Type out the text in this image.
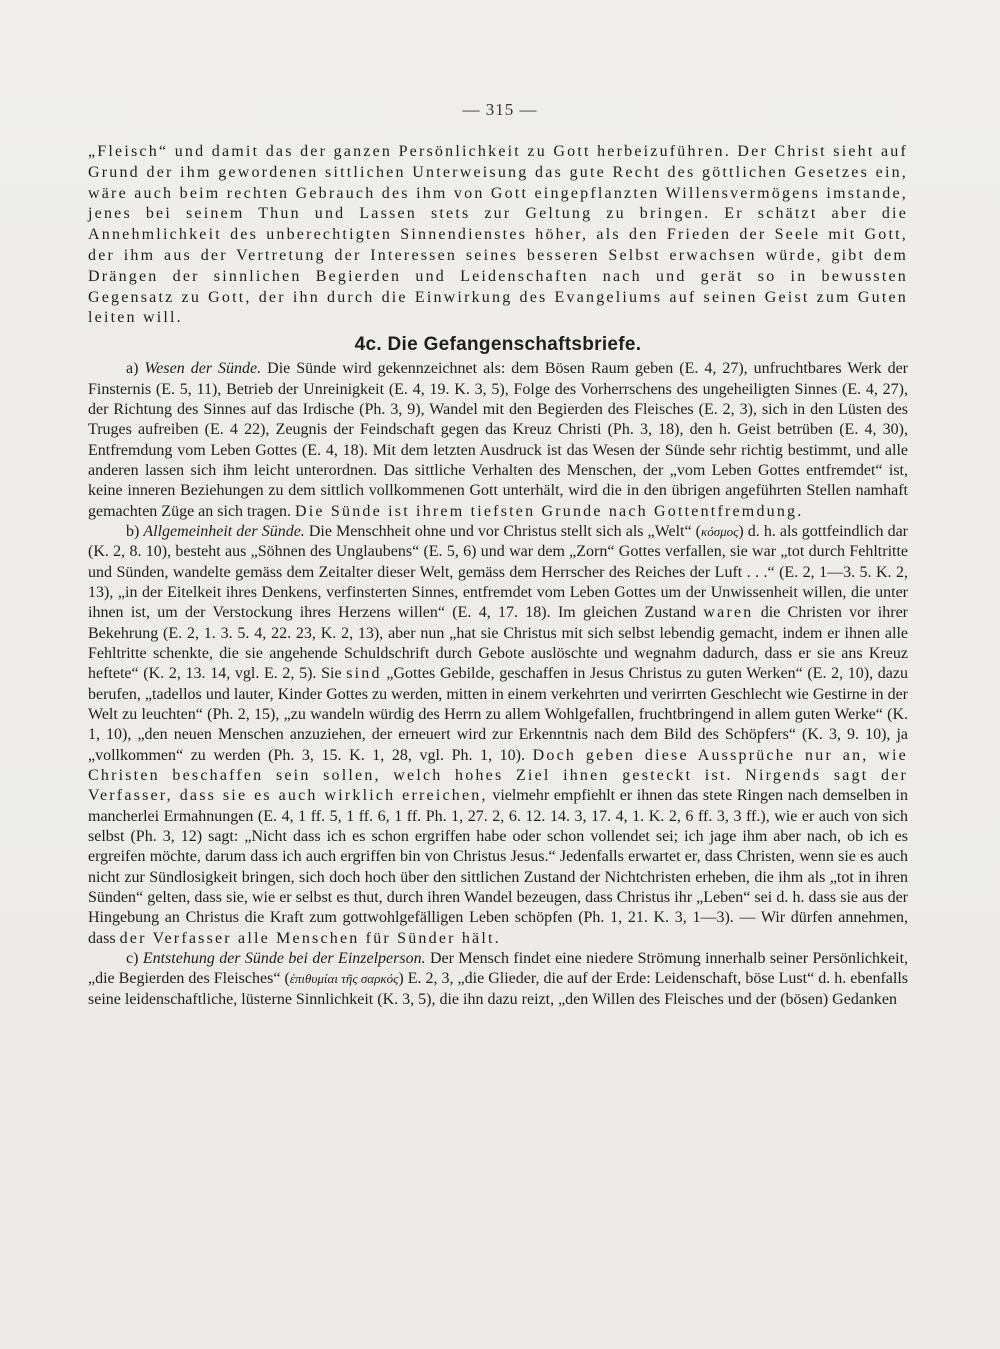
— 315 —

„Fleisch“ und damit das der ganzen Persönlichkeit zu Gott herbeizuführen. Der Christ sieht auf Grund der ihm gewordenen sittlichen Unterweisung das gute Recht des göttlichen Gesetzes ein, wäre auch beim rechten Gebrauch des ihm von Gott eingepflanzten Willensvermögens imstande, jenes bei seinem Thun und Lassen stets zur Geltung zu bringen. Er schätzt aber die Annehmlichkeit des unberechtigten Sinnendienstes höher, als den Frieden der Seele mit Gott, der ihm aus der Vertretung der Interessen seines besseren Selbst erwachsen würde, gibt dem Drängen der sinnlichen Begierden und Leidenschaften nach und gerät so in bewussten Gegensatz zu Gott, der ihn durch die Einwirkung des Evangeliums auf seinen Geist zum Guten leiten will.

4c. Die Gefangenschaftsbriefe.

a) Wesen der Sünde. Die Sünde wird gekennzeichnet als: dem Bösen Raum geben (E. 4, 27), unfruchtbares Werk der Finsternis (E. 5, 11), Betrieb der Unreinigkeit (E. 4, 19. K. 3, 5), Folge des Vorherrschens des ungeheiligten Sinnes (E. 4, 27), der Richtung des Sinnes auf das Irdische (Ph. 3, 9), Wandel mit den Begierden des Fleisches (E. 2, 3), sich in den Lüsten des Truges aufreiben (E. 4 22), Zeugnis der Feindschaft gegen das Kreuz Christi (Ph. 3, 18), den h. Geist betrüben (E. 4, 30), Entfremdung vom Leben Gottes (E. 4, 18). Mit dem letzten Ausdruck ist das Wesen der Sünde sehr richtig bestimmt, und alle anderen lassen sich ihm leicht unterordnen. Das sittliche Verhalten des Menschen, der „vom Leben Gottes entfremdet“ ist, keine inneren Beziehungen zu dem sittlich vollkommenen Gott unterhält, wird die in den übrigen angeführten Stellen namhaft gemachten Züge an sich tragen. Die Sünde ist ihrem tiefsten Grunde nach Gottentfremdung.

b) Allgemeinheit der Sünde. Die Menschheit ohne und vor Christus stellt sich als „Welt“ (κόσμος) d. h. als gottfeindlich dar (K. 2, 8. 10), besteht aus „Söhnen des Unglaubens“ (E. 5, 6) und war dem „Zorn“ Gottes verfallen, sie war „tot durch Fehltritte und Sünden, wandelte gemäss dem Zeitalter dieser Welt, gemäss dem Herrscher des Reiches der Luft . . .“ (E. 2, 1—3. 5. K. 2, 13), „in der Eitelkeit ihres Denkens, verfinsterten Sinnes, entfremdet vom Leben Gottes um der Unwissenheit willen, die unter ihnen ist, um der Verstockung ihres Herzens willen“ (E. 4, 17. 18). Im gleichen Zustand waren die Christen vor ihrer Bekehrung (E. 2, 1. 3. 5. 4, 22. 23, K. 2, 13), aber nun „hat sie Christus mit sich selbst lebendig gemacht, indem er ihnen alle Fehltritte schenkte, die sie angehende Schuldschrift durch Gebote auslöschte und wegnahm dadurch, dass er sie ans Kreuz heftete“ (K. 2, 13. 14, vgl. E. 2, 5). Sie sind „Gottes Gebilde, geschaffen in Jesus Christus zu guten Werken“ (E. 2, 10), dazu berufen, „tadellos und lauter, Kinder Gottes zu werden, mitten in einem verkehrten und verirrten Geschlecht wie Gestirne in der Welt zu leuchten“ (Ph. 2, 15), „zu wandeln würdig des Herrn zu allem Wohlgefallen, fruchtbringend in allem guten Werke“ (K. 1, 10), „den neuen Menschen anzuziehen, der erneuert wird zur Erkenntnis nach dem Bild des Schöpfers“ (K. 3, 9. 10), ja „vollkommen“ zu werden (Ph. 3, 15. K. 1, 28, vgl. Ph. 1, 10). Doch geben diese Aussprüche nur an, wie Christen beschaffen sein sollen, welch hohes Ziel ihnen gesteckt ist. Nirgends sagt der Verfasser, dass sie es auch wirklich erreichen, vielmehr empfiehlt er ihnen das stete Ringen nach demselben in mancherlei Ermahnungen (E. 4, 1 ff. 5, 1 ff. 6, 1 ff. Ph. 1, 27. 2, 6. 12. 14. 3, 17. 4, 1. K. 2, 6 ff. 3, 3 ff.), wie er auch von sich selbst (Ph. 3, 12) sagt: „Nicht dass ich es schon ergriffen habe oder schon vollendet sei; ich jage ihm aber nach, ob ich es ergreifen möchte, darum dass ich auch ergriffen bin von Christus Jesus.“ Jedenfalls erwartet er, dass Christen, wenn sie es auch nicht zur Sündlosigkeit bringen, sich doch hoch über den sittlichen Zustand der Nichtchristen erheben, die ihm als „tot in ihren Sünden“ gelten, dass sie, wie er selbst es thut, durch ihren Wandel bezeugen, dass Christus ihr „Leben“ sei d. h. dass sie aus der Hingebung an Christus die Kraft zum gottwohlgefälligen Leben schöpfen (Ph. 1, 21. K. 3, 1—3). — Wir dürfen annehmen, dass der Verfasser alle Menschen für Sünder hält.

c) Entstehung der Sünde bei der Einzelperson. Der Mensch findet eine niedere Strömung innerhalb seiner Persönlichkeit, „die Begierden des Fleisches“ (ἐπιθυμίαι τῆς σαρκός) E. 2, 3, „die Glieder, die auf der Erde: Leidenschaft, böse Lust“ d. h. ebenfalls seine leidenschaftliche, lüsterne Sinnlichkeit (K. 3, 5), die ihn dazu reizt, „den Willen des Fleisches und der (bösen) Gedanken
